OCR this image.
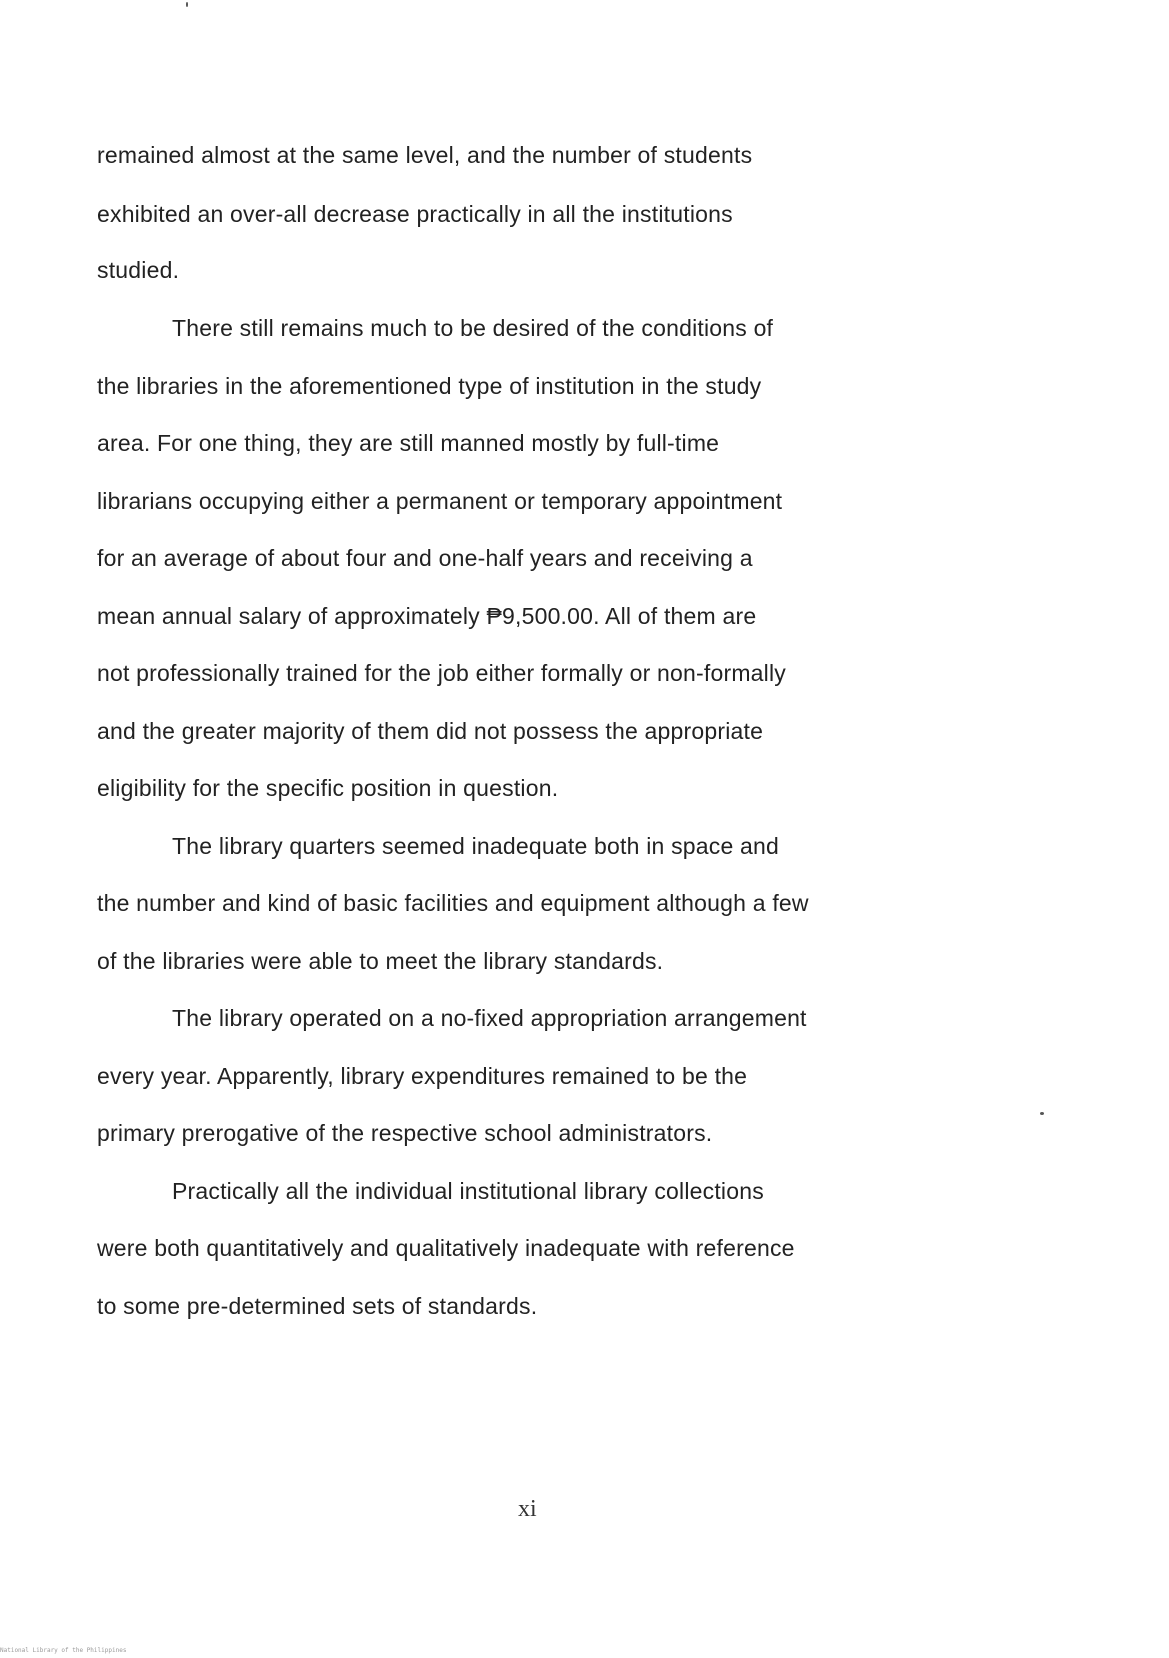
remained almost at the same level, and the number of students
exhibited an over-all decrease practically in all the institutions
studied.
There still remains much to be desired of the conditions of
the libraries in the aforementioned type of institution in the study
area. For one thing, they are still manned mostly by full-time
librarians occupying either a permanent or temporary appointment
for an average of about four and one-half years and receiving a
mean annual salary of approximately ₱9,500.00. All of them are
not professionally trained for the job either formally or non-formally
and the greater majority of them did not possess the appropriate
eligibility for the specific position in question.
The library quarters seemed inadequate both in space and
the number and kind of basic facilities and equipment although a few
of the libraries were able to meet the library standards.
The library operated on a no-fixed appropriation arrangement
every year. Apparently, library expenditures remained to be the
primary prerogative of the respective school administrators.
Practically all the individual institutional library collections
were both quantitatively and qualitatively inadequate with reference
to some pre-determined sets of standards.
xi
National Library of the Philippines
